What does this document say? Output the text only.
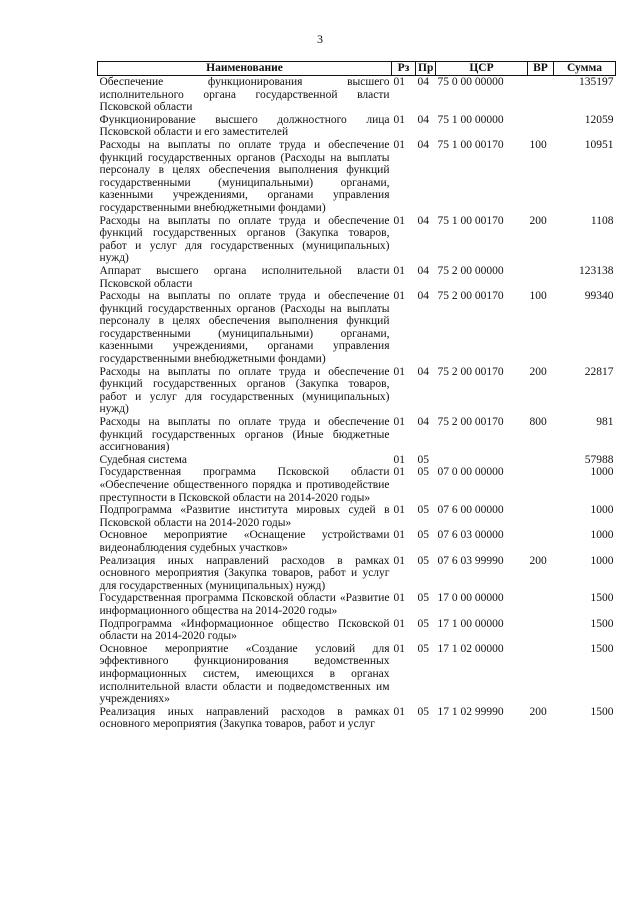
3
Наименование	Рз	Пр	ЦСР	ВР	Сумма
Обеспечение функционирования высшего исполнительного органа государственной власти Псковской области	01	04	75 0 00 00000		135197
Функционирование высшего должностного лица Псковской области и его заместителей	01	04	75 1 00 00000		12059
Расходы на выплаты по оплате труда и обеспечение функций государственных органов (Расходы на выплаты персоналу в целях обеспечения выполнения функций государственными (муниципальными) органами, казенными учреждениями, органами управления государственными внебюджетными фондами)	01	04	75 1 00 00170	100	10951
Расходы на выплаты по оплате труда и обеспечение функций государственных органов (Закупка товаров, работ и услуг для государственных (муниципальных) нужд)	01	04	75 1 00 00170	200	1108
Аппарат высшего органа исполнительной власти Псковской области	01	04	75 2 00 00000		123138
Расходы на выплаты по оплате труда и обеспечение функций государственных органов (Расходы на выплаты персоналу в целях обеспечения выполнения функций государственными (муниципальными) органами, казенными учреждениями, органами управления государственными внебюджетными фондами)	01	04	75 2 00 00170	100	99340
Расходы на выплаты по оплате труда и обеспечение функций государственных органов (Закупка товаров, работ и услуг для государственных (муниципальных) нужд)	01	04	75 2 00 00170	200	22817
Расходы на выплаты по оплате труда и обеспечение функций государственных органов (Иные бюджетные ассигнования)	01	04	75 2 00 00170	800	981
Судебная система	01	05			57988
Государственная программа Псковской области «Обеспечение общественного порядка и противодействие преступности в Псковской области на 2014-2020 годы»	01	05	07 0 00 00000		1000
Подпрограмма «Развитие института мировых судей в Псковской области на 2014-2020 годы»	01	05	07 6 00 00000		1000
Основное мероприятие «Оснащение устройствами видеонаблюдения судебных участков»	01	05	07 6 03 00000		1000
Реализация иных направлений расходов в рамках основного мероприятия (Закупка товаров, работ и услуг для государственных (муниципальных) нужд)	01	05	07 6 03 99990	200	1000
Государственная программа Псковской области «Развитие информационного общества на 2014-2020 годы»	01	05	17 0 00 00000		1500
Подпрограмма «Информационное общество Псковской области на 2014-2020 годы»	01	05	17 1 00 00000		1500
Основное мероприятие «Создание условий для эффективного функционирования ведомственных информационных систем, имеющихся в органах исполнительной власти области и подведомственных им учреждениях»	01	05	17 1 02 00000		1500
Реализация иных направлений расходов в рамках основного мероприятия (Закупка товаров, работ и услуг	01	05	17 1 02 99990	200	1500
